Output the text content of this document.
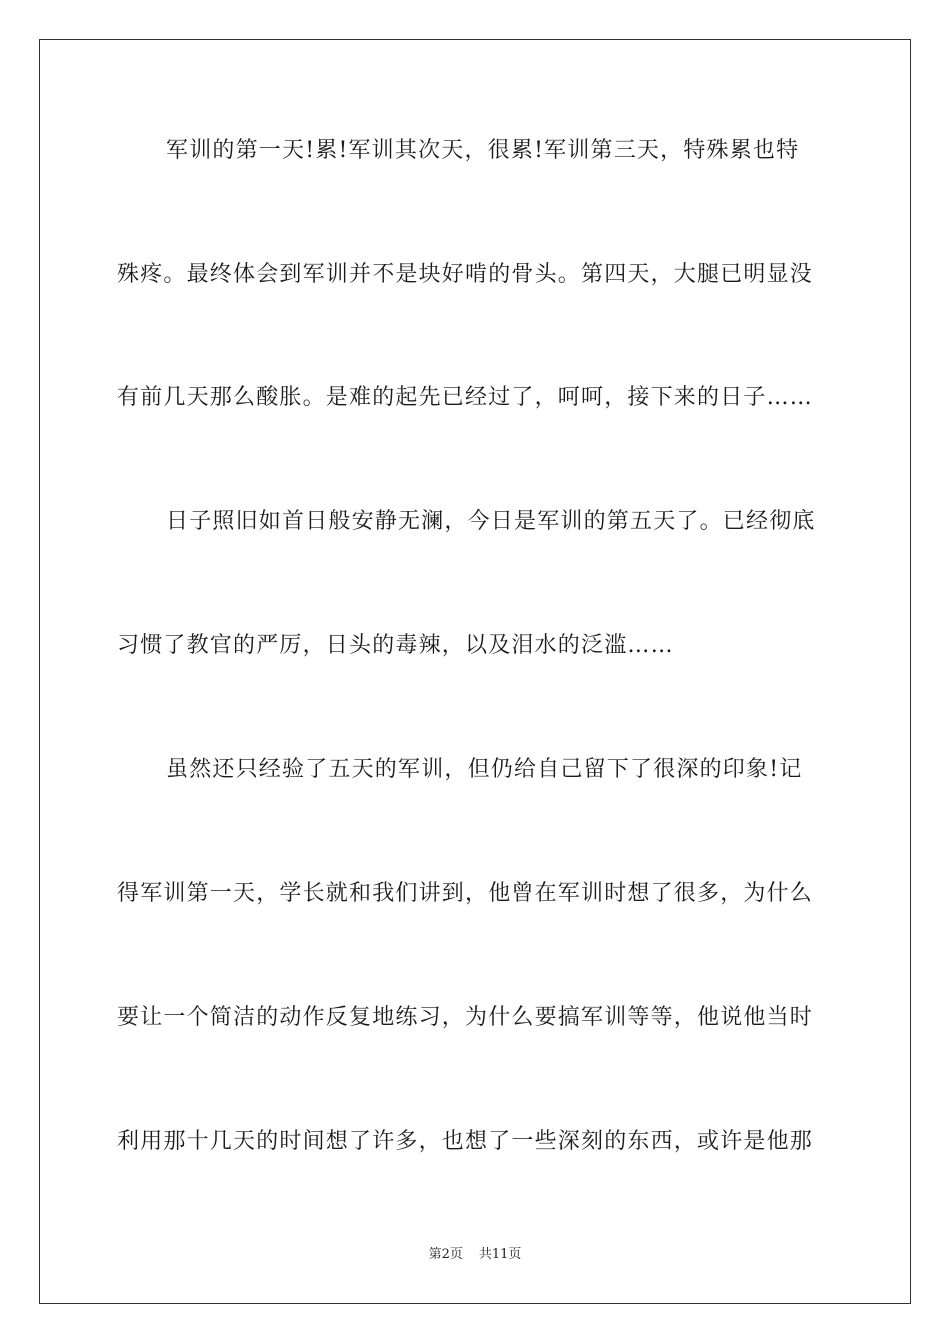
军训的第一天!累!军训其次天，很累!军训第三天，特殊累也特
殊疼。最终体会到军训并不是块好啃的骨头。第四天，大腿已明显没
有前几天那么酸胀。是难的起先已经过了，呵呵，接下来的日子……
日子照旧如首日般安静无澜，今日是军训的第五天了。已经彻底
习惯了教官的严厉，日头的毒辣，以及泪水的泛滥……
虽然还只经验了五天的军训，但仍给自己留下了很深的印象!记
得军训第一天，学长就和我们讲到，他曾在军训时想了很多，为什么
要让一个简洁的动作反复地练习，为什么要搞军训等等，他说他当时
利用那十几天的时间想了许多，也想了一些深刻的东西，或许是他那
第2页 共11页
